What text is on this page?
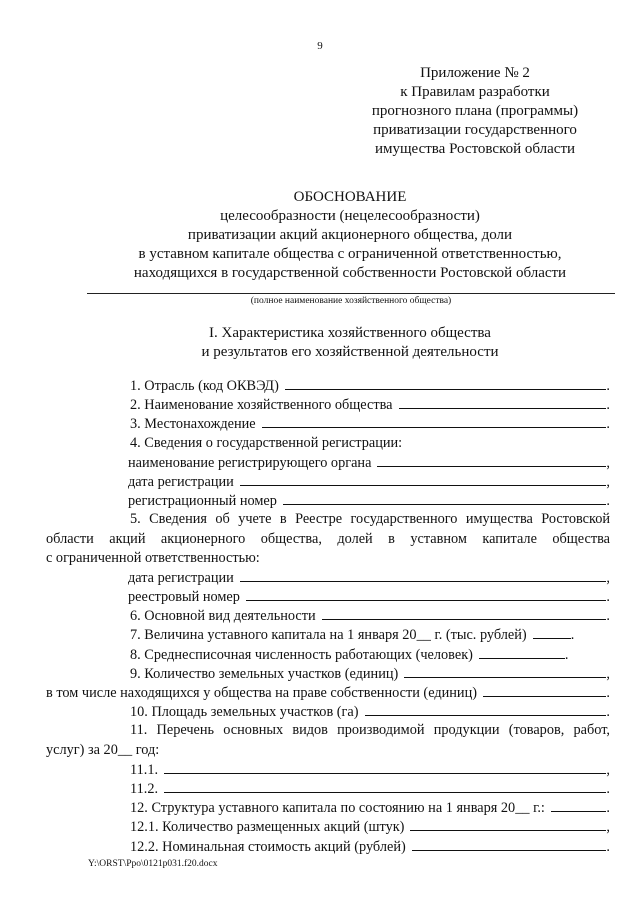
9
Приложение № 2
к Правилам разработки
прогнозного плана (программы)
приватизации государственного
имущества Ростовской области
ОБОСНОВАНИЕ
целесообразности (нецелесообразности)
приватизации акций акционерного общества, доли
в уставном капитале общества с ограниченной ответственностью,
находящихся в государственной собственности Ростовской области
(полное наименование хозяйственного общества)
I. Характеристика хозяйственного общества
и результатов его хозяйственной деятельности
1. Отрасль (код ОКВЭД)	.
2. Наименование хозяйственного общества	.
3. Местонахождение	.
4. Сведения о государственной регистрации:
наименование регистрирующего органа	,
дата регистрации	,
регистрационный номер	.

5. Сведения об учете в Реестре государственного имущества Ростовской

области акций акционерного общества, долей в уставном капитале общества

с ограниченной ответственностью:

дата регистрации	,
реестровый номер	.
6. Основной вид деятельности	.
7. Величина уставного капитала на 1 января 20__ г. (тыс. рублей)	.
8. Среднесписочная численность работающих (человек)	.
9. Количество земельных участков (единиц)	,
в том числе находящихся у общества на праве собственности (единиц)	.
10. Площадь земельных участков (га)	.

11. Перечень основных видов производимой продукции (товаров, работ,

услуг) за 20__ год:

11.1.	,
11.2.	.
12. Структура уставного капитала по состоянию на 1 января 20__ г.:	.
12.1. Количество размещенных акций (штук)	,
12.2. Номинальная стоимость акций (рублей)	.
Y:\ORST\Ppo\0121p031.f20.docx
